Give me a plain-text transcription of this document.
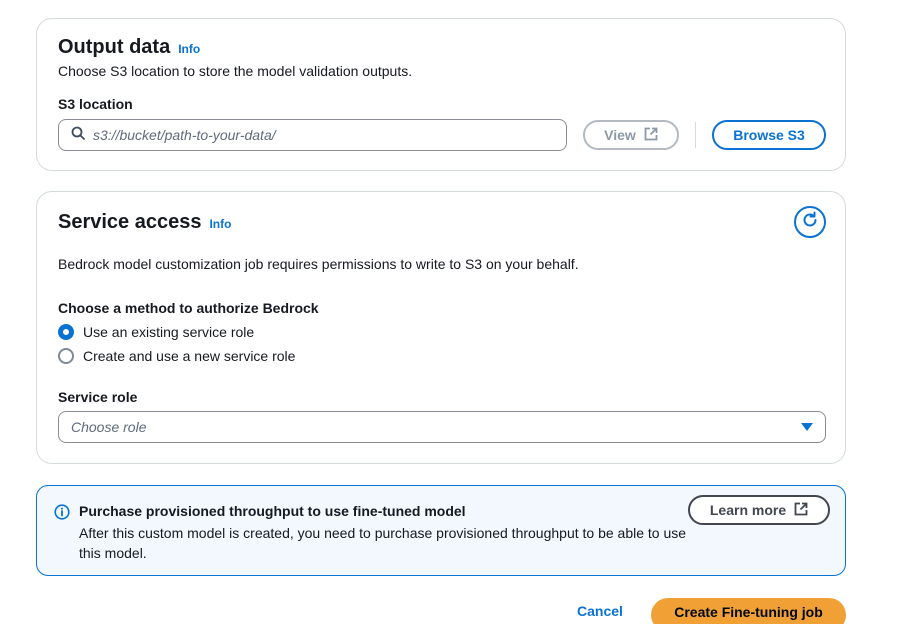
Output data Info
Choose S3 location to store the model validation outputs.
S3 location
s3://bucket/path-to-your-data/	View	Browse S3
Service access Info
Bedrock model customization job requires permissions to write to S3 on your behalf.
Choose a method to authorize Bedrock
Use an existing service role
Create and use a new service role
Service role
Choose role
Purchase provisioned throughput to use fine-tuned model
After this custom model is created, you need to purchase provisioned throughput to be able to use this model.
Learn more
Cancel	Create Fine-tuning job
